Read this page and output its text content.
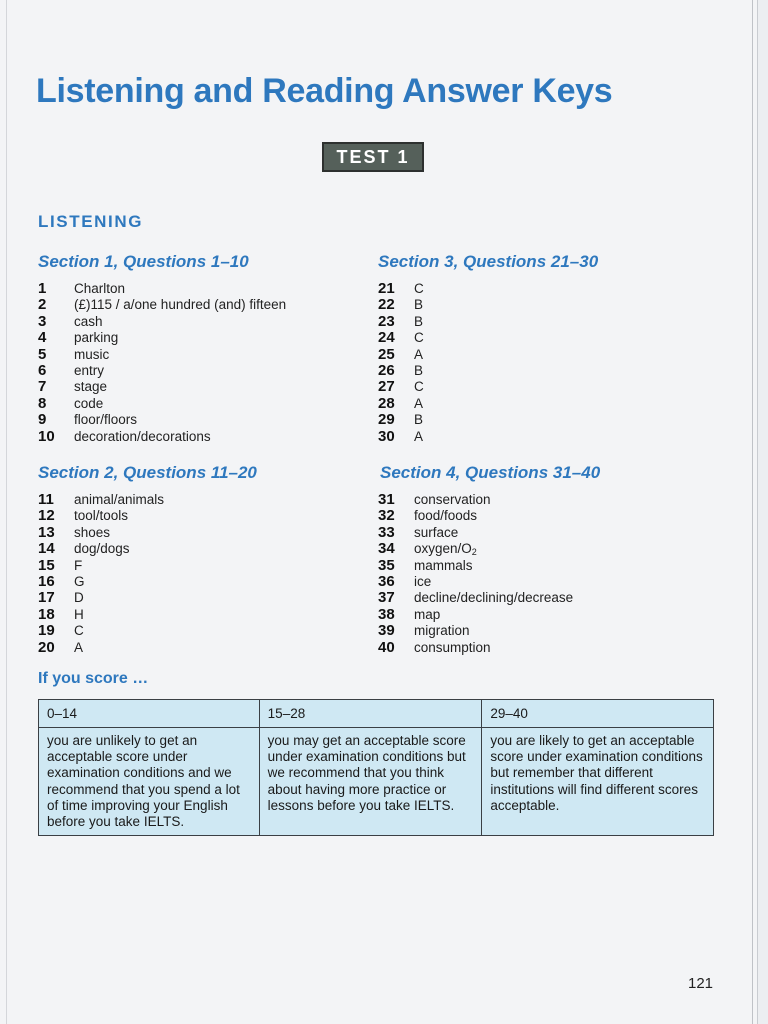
Listening and Reading Answer Keys
TEST 1
LISTENING
Section 1, Questions 1–10
1	Charlton
2	(£)115 / a/one hundred (and) fifteen
3	cash
4	parking
5	music
6	entry
7	stage
8	code
9	floor/floors
10	decoration/decorations
Section 3, Questions 21–30
21	C
22	B
23	B
24	C
25	A
26	B
27	C
28	A
29	B
30	A
Section 2, Questions 11–20
11	animal/animals
12	tool/tools
13	shoes
14	dog/dogs
15	F
16	G
17	D
18	H
19	C
20	A
Section 4, Questions 31–40
31	conservation
32	food/foods
33	surface
34	oxygen/$O_2$
35	mammals
36	ice
37	decline/declining/decrease
38	map
39	migration
40	consumption
If you score …
0–14	15–28	29–40
you are unlikely to get an acceptable score under examination conditions and we recommend that you spend a lot of time improving your English before you take IELTS.	you may get an acceptable score under examination conditions but we recommend that you think about having more practice or lessons before you take IELTS.	you are likely to get an acceptable score under examination conditions but remember that different institutions will find different scores acceptable.
121
